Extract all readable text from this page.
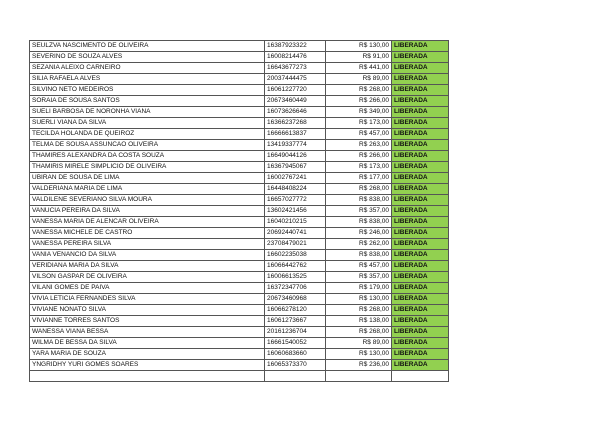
SEULZVA NASCIMENTO DE OLIVEIRA	16387923322	R$ 130,00	LIBERADA
SEVERINO DE SOUZA ALVES	16008214476	R$ 91,00	LIBERADA
SEZANIA ALEIXO CARNEIRO	16643677273	R$ 441,00	LIBERADA
SILIA RAFAELA ALVES	20037444475	R$ 89,00	LIBERADA
SILVINO NETO MEDEIROS	16061227720	R$ 268,00	LIBERADA
SORAIA DE SOUSA SANTOS	20673460449	R$ 266,00	LIBERADA
SUELI BARBOSA DE NORONHA VIANA	16073626646	R$ 349,00	LIBERADA
SUERLI VIANA DA SILVA	16366237268	R$ 173,00	LIBERADA
TECILDA HOLANDA DE QUEIROZ	16666613837	R$ 457,00	LIBERADA
TELMA DE SOUSA ASSUNCAO OLIVEIRA	13419337774	R$ 263,00	LIBERADA
THAMIRES ALEXANDRA DA COSTA SOUZA	16649044126	R$ 266,00	LIBERADA
THAMIRIS MIRELE SIMPLICIO DE OLIVEIRA	16367945067	R$ 173,00	LIBERADA
UBIRAN DE SOUSA DE LIMA	16002767241	R$ 177,00	LIBERADA
VALDERIANA MARIA DE LIMA	16448408224	R$ 268,00	LIBERADA
VALDILENE SEVERIANO SILVA MOURA	16657027772	R$ 838,00	LIBERADA
VANUCIA PEREIRA DA SILVA	13602421456	R$ 357,00	LIBERADA
VANESSA MARIA DE ALENCAR OLIVEIRA	16040210215	R$ 838,00	LIBERADA
VANESSA MICHELE DE CASTRO	20692440741	R$ 246,00	LIBERADA
VANESSA PEREIRA SILVA	23708479021	R$ 262,00	LIBERADA
VANIA VENANCIO DA SILVA	16602235038	R$ 838,00	LIBERADA
VERIDIANA MARIA DA SILVA	16066442762	R$ 457,00	LIBERADA
VILSON GASPAR DE OLIVEIRA	16006613525	R$ 357,00	LIBERADA
VILANI GOMES DE PAIVA	16372347706	R$ 179,00	LIBERADA
VIVIA LETICIA FERNANDES SILVA	20673460968	R$ 130,00	LIBERADA
VIVIANE NONATO SILVA	16066278120	R$ 268,00	LIBERADA
VIVIANNE TORRES SANTOS	16061273667	R$ 138,00	LIBERADA
WANESSA VIANA BESSA	20161236704	R$ 268,00	LIBERADA
WILMA DE BESSA DA SILVA	16661540052	R$ 89,00	LIBERADA
YARA MARIA DE SOUZA	16060683660	R$ 130,00	LIBERADA
YNGRIDHY YURI GOMES SOARES	16065373370	R$ 236,00	LIBERADA
